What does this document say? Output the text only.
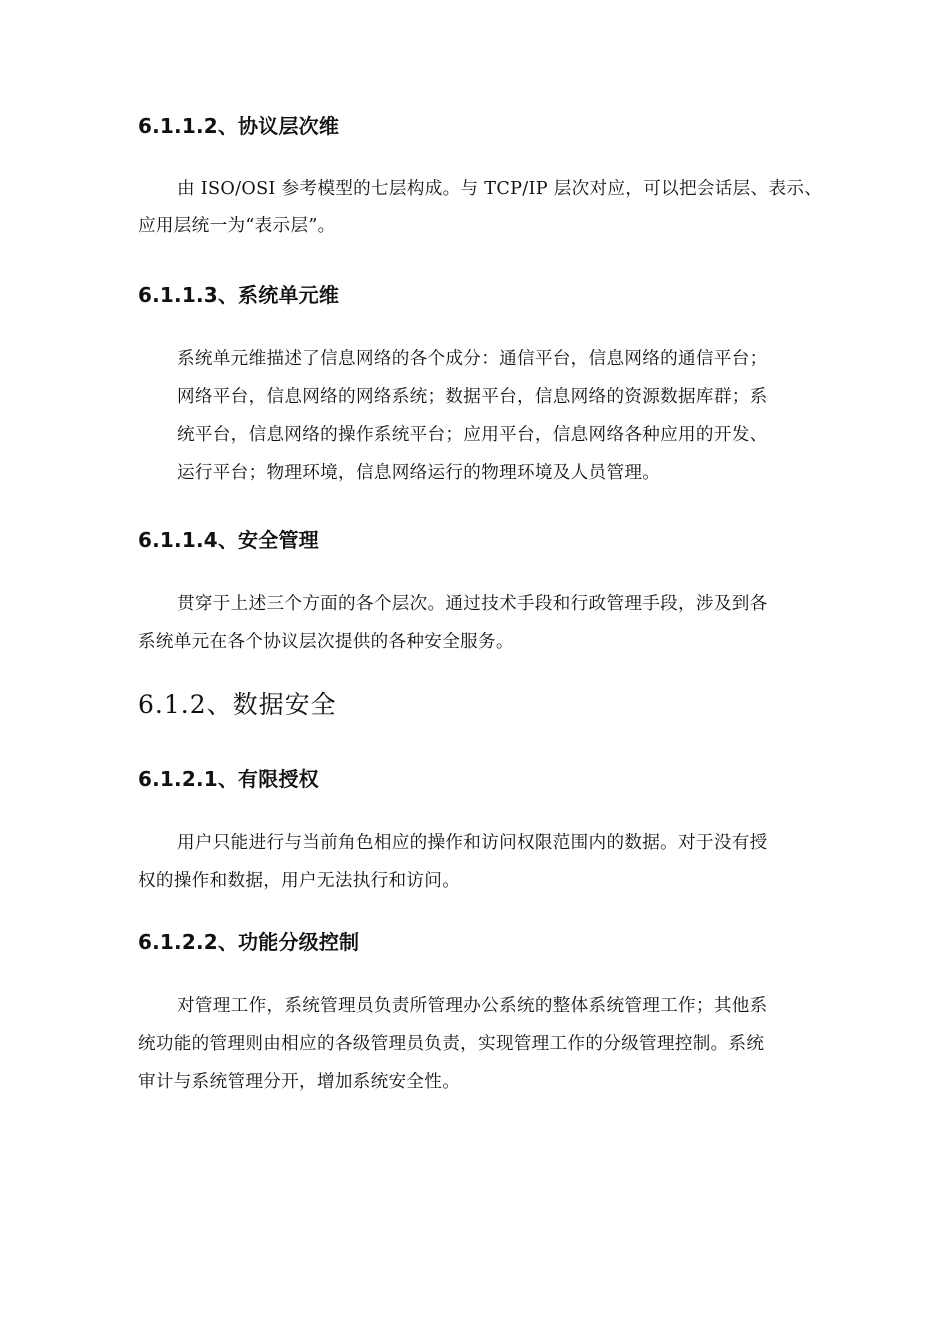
6.1.1.2、协议层次维
由 ISO/OSI 参考模型的七层构成。与 TCP/IP 层次对应，可以把会话层、表示、
应用层统一为“表示层”。
6.1.1.3、系统单元维
系统单元维描述了信息网络的各个成分：通信平台，信息网络的通信平台；
网络平台，信息网络的网络系统；数据平台，信息网络的资源数据库群；系
统平台，信息网络的操作系统平台；应用平台，信息网络各种应用的开发、
运行平台；物理环境，信息网络运行的物理环境及人员管理。
6.1.1.4、安全管理
贯穿于上述三个方面的各个层次。通过技术手段和行政管理手段，涉及到各
系统单元在各个协议层次提供的各种安全服务。
6.1.2、数据安全
6.1.2.1、有限授权
用户只能进行与当前角色相应的操作和访问权限范围内的数据。对于没有授
权的操作和数据，用户无法执行和访问。
6.1.2.2、功能分级控制
对管理工作，系统管理员负责所管理办公系统的整体系统管理工作；其他系
统功能的管理则由相应的各级管理员负责，实现管理工作的分级管理控制。系统
审计与系统管理分开，增加系统安全性。
